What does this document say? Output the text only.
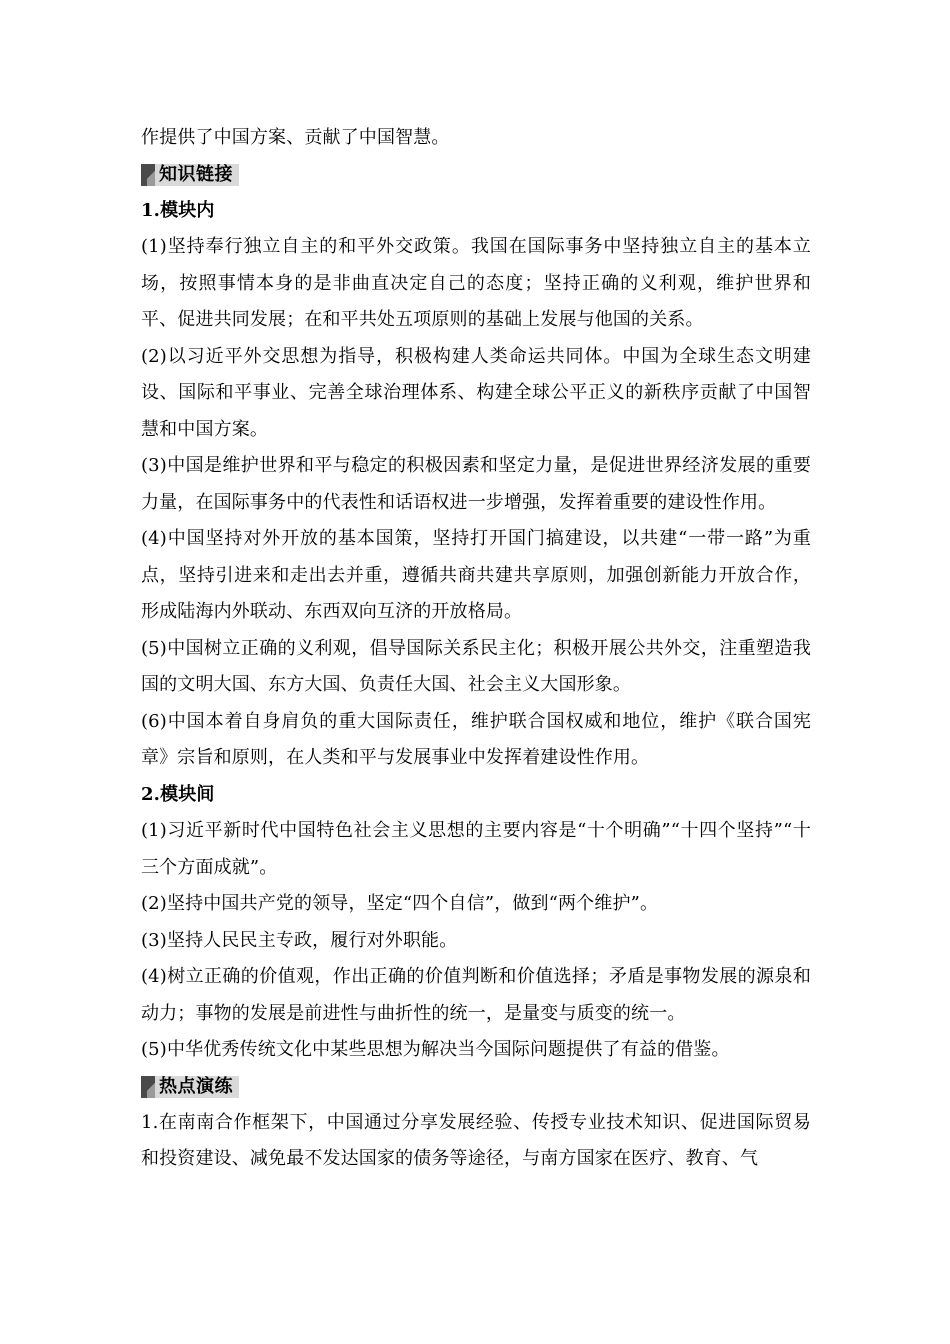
作提供了中国方案、贡献了中国智慧。

知识链接

1.模块内

(1)坚持奉行独立自主的和平外交政策。我国在国际事务中坚持独立自主的基本立场，按照事情本身的是非曲直决定自己的态度；坚持正确的义利观，维护世界和平、促进共同发展；在和平共处五项原则的基础上发展与他国的关系。

(2)以习近平外交思想为指导，积极构建人类命运共同体。中国为全球生态文明建设、国际和平事业、完善全球治理体系、构建全球公平正义的新秩序贡献了中国智慧和中国方案。

(3)中国是维护世界和平与稳定的积极因素和坚定力量，是促进世界经济发展的重要力量，在国际事务中的代表性和话语权进一步增强，发挥着重要的建设性作用。

(4)中国坚持对外开放的基本国策，坚持打开国门搞建设，以共建“一带一路”为重点，坚持引进来和走出去并重，遵循共商共建共享原则，加强创新能力开放合作，形成陆海内外联动、东西双向互济的开放格局。

(5)中国树立正确的义利观，倡导国际关系民主化；积极开展公共外交，注重塑造我国的文明大国、东方大国、负责任大国、社会主义大国形象。

(6)中国本着自身肩负的重大国际责任，维护联合国权威和地位，维护《联合国宪章》宗旨和原则，在人类和平与发展事业中发挥着建设性作用。

2.模块间

(1)习近平新时代中国特色社会主义思想的主要内容是“十个明确”“十四个坚持”“十三个方面成就”。

(2)坚持中国共产党的领导，坚定“四个自信”，做到“两个维护”。

(3)坚持人民民主专政，履行对外职能。

(4)树立正确的价值观，作出正确的价值判断和价值选择；矛盾是事物发展的源泉和动力；事物的发展是前进性与曲折性的统一，是量变与质变的统一。

(5)中华优秀传统文化中某些思想为解决当今国际问题提供了有益的借鉴。

热点演练

1.在南南合作框架下，中国通过分享发展经验、传授专业技术知识、促进国际贸易和投资建设、减免最不发达国家的债务等途径，与南方国家在医疗、教育、气
